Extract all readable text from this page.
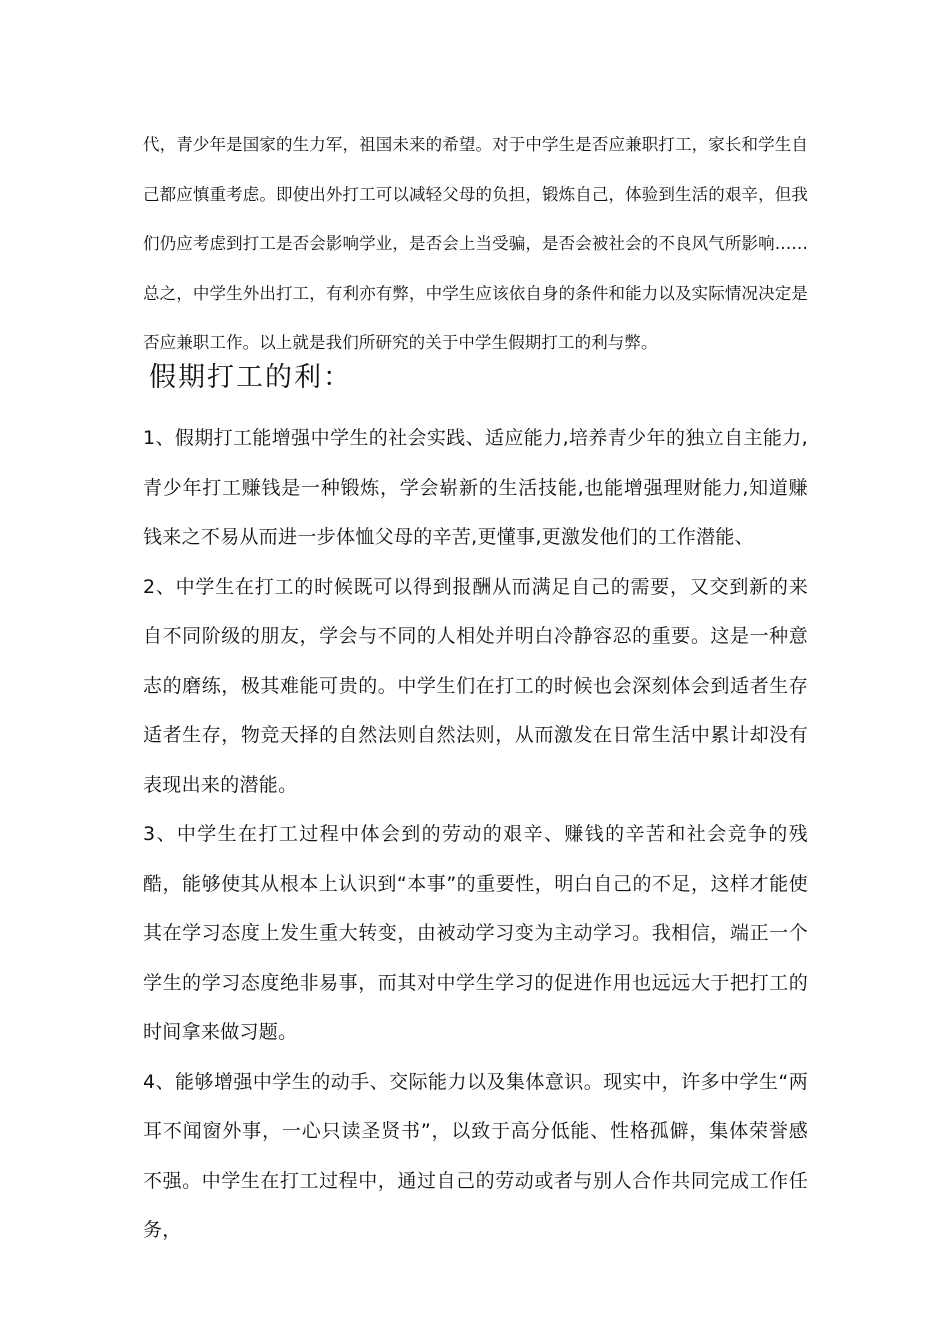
代，青少年是国家的生力军，祖国未来的希望。对于中学生是否应兼职打工，家长和学生自己都应慎重考虑。即使出外打工可以减轻父母的负担，锻炼自己，体验到生活的艰辛，但我们仍应考虑到打工是否会影响学业，是否会上当受骗，是否会被社会的不良风气所影响……总之，中学生外出打工，有利亦有弊，中学生应该依自身的条件和能力以及实际情况决定是否应兼职工作。以上就是我们所研究的关于中学生假期打工的利与弊。

假期打工的利：

1、假期打工能增强中学生的社会实践、适应能力,培养青少年的独立自主能力,青少年打工赚钱是一种锻炼，学会崭新的生活技能,也能增强理财能力,知道赚钱来之不易从而进一步体恤父母的辛苦,更懂事,更激发他们的工作潜能、

2、中学生在打工的时候既可以得到报酬从而满足自己的需要，又交到新的来自不同阶级的朋友，学会与不同的人相处并明白冷静容忍的重要。这是一种意志的磨练，极其难能可贵的。中学生们在打工的时候也会深刻体会到适者生存适者生存，物竞天择的自然法则自然法则，从而激发在日常生活中累计却没有表现出来的潜能。

3、中学生在打工过程中体会到的劳动的艰辛、赚钱的辛苦和社会竞争的残酷，能够使其从根本上认识到“本事”的重要性，明白自己的不足，这样才能使其在学习态度上发生重大转变，由被动学习变为主动学习。我相信，端正一个学生的学习态度绝非易事，而其对中学生学习的促进作用也远远大于把打工的时间拿来做习题。

4、能够增强中学生的动手、交际能力以及集体意识。现实中，许多中学生“两耳不闻窗外事，一心只读圣贤书”，以致于高分低能、性格孤僻，集体荣誉感不强。中学生在打工过程中，通过自己的劳动或者与别人合作共同完成工作任务，
